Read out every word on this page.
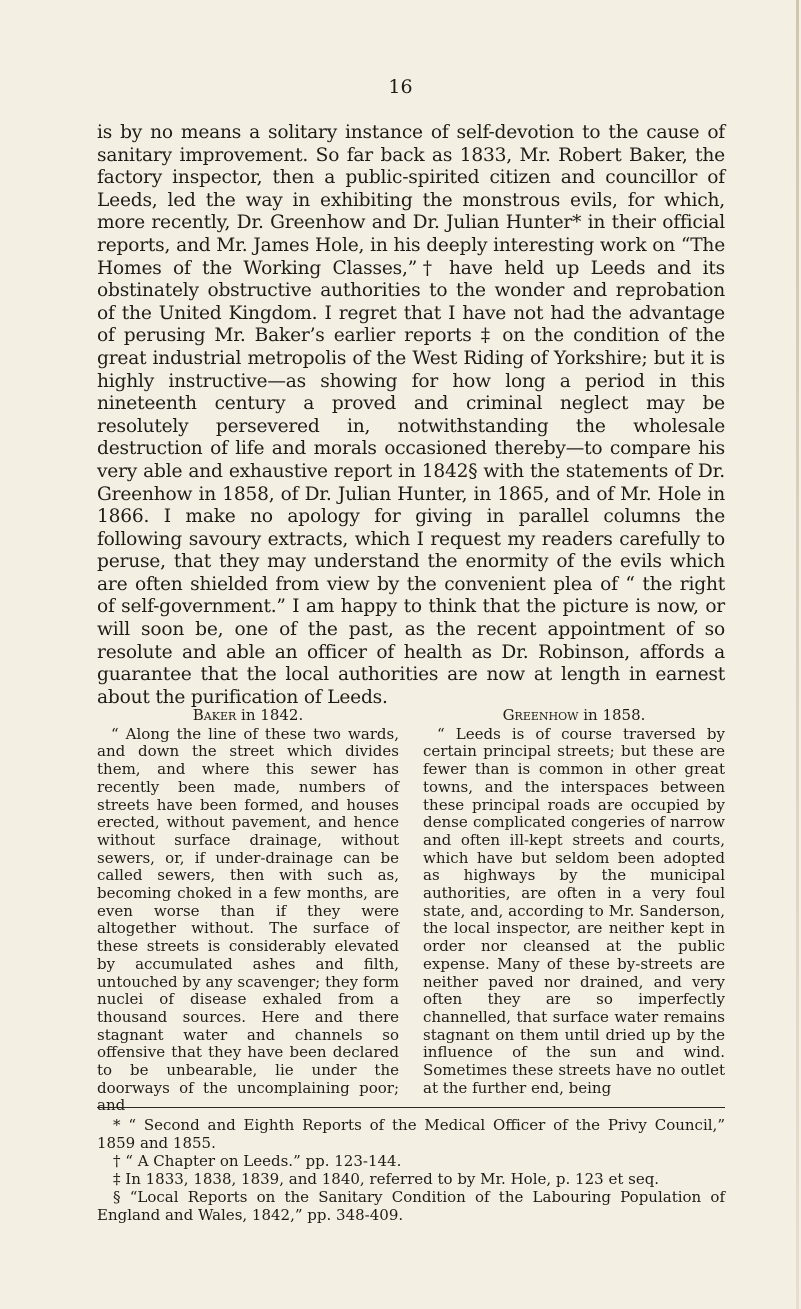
16

is by no means a solitary instance of self-devotion to the cause of sanitary improvement. So far back as 1833, Mr. Robert Baker, the factory inspector, then a public-spirited citizen and councillor of Leeds, led the way in exhibiting the monstrous evils, for which, more recently, Dr. Greenhow and Dr. Julian Hunter* in their official reports, and Mr. James Hole, in his deeply interesting work on “The Homes of the Working Classes,”† have held up Leeds and its obstinately obstructive authorities to the wonder and reprobation of the United Kingdom. I regret that I have not had the advantage of perusing Mr. Baker’s earlier reports ‡ on the condition of the great industrial metropolis of the West Riding of Yorkshire; but it is highly instructive—as showing for how long a period in this nineteenth century a proved and criminal neglect may be resolutely persevered in, notwithstanding the wholesale destruction of life and morals occasioned thereby—to compare his very able and exhaustive report in 1842§ with the statements of Dr. Greenhow in 1858, of Dr. Julian Hunter, in 1865, and of Mr. Hole in 1866. I make no apology for giving in parallel columns the following savoury extracts, which I request my readers carefully to peruse, that they may understand the enormity of the evils which are often shielded from view by the convenient plea of “ the right of self-government.” I am happy to think that the picture is now, or will soon be, one of the past, as the recent appointment of so resolute and able an officer of health as Dr. Robinson, affords a guarantee that the local authorities are now at length in earnest about the purification of Leeds.

Baker in 1842.
“ Along the line of these two wards, and down the street which divides them, and where this sewer has recently been made, numbers of streets have been formed, and houses erected, without pavement, and hence without surface drainage, without sewers, or, if under-drainage can be called sewers, then with such as, becoming choked in a few months, are even worse than if they were altogether without. The surface of these streets is considerably elevated by accumulated ashes and filth, untouched by any scavenger; they form nuclei of disease exhaled from a thousand sources. Here and there stagnant water and channels so offensive that they have been declared to be unbearable, lie under the doorways of the uncomplaining poor; and
Greenhow in 1858.
“ Leeds is of course traversed by certain principal streets; but these are fewer than is common in other great towns, and the interspaces between these principal roads are occupied by dense complicated congeries of narrow and often ill-kept streets and courts, which have but seldom been adopted as highways by the municipal authorities, are often in a very foul state, and, according to Mr. Sanderson, the local inspector, are neither kept in order nor cleansed at the public expense. Many of these by-streets are neither paved nor drained, and very often they are so imperfectly channelled, that surface water remains stagnant on them until dried up by the influence of the sun and wind. Sometimes these streets have no outlet at the further end, being
* “ Second and Eighth Reports of the Medical Officer of the Privy Council,” 1859 and 1855.
† “ A Chapter on Leeds.” pp. 123-144.
‡ In 1833, 1838, 1839, and 1840, referred to by Mr. Hole, p. 123 et seq.
§ “Local Reports on the Sanitary Condition of the Labouring Population of England and Wales, 1842,” pp. 348-409.
